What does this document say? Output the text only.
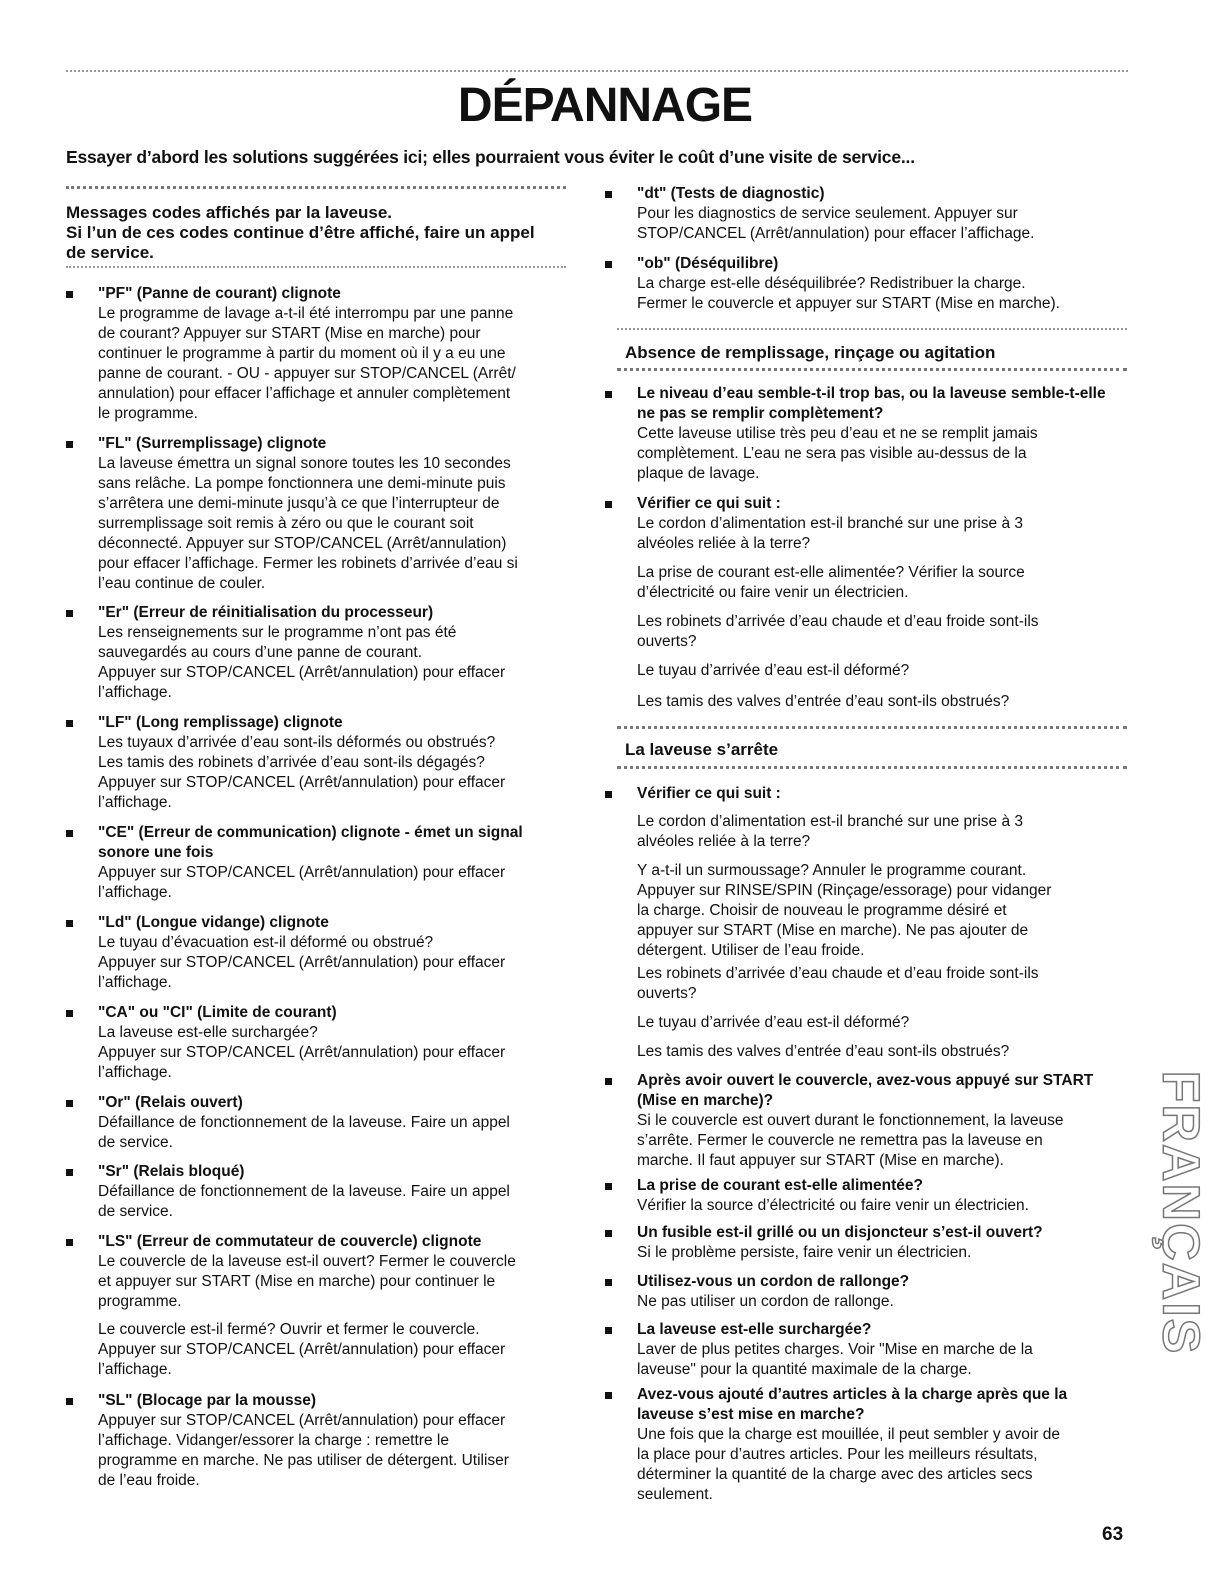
DÉPANNAGE

Essayer d’abord les solutions suggérées ici; elles pourraient vous éviter le coût d’une visite de service...

Messages codes affichés par la laveuse.
Si l’un de ces codes continue d’être affiché, faire un appel de service.
"PF" (Panne de courant) clignote
Le programme de lavage a-t-il été interrompu par une panne
de courant? Appuyer sur START (Mise en marche) pour
continuer le programme à partir du moment où il y a eu une
panne de courant. - OU - appuyer sur STOP/CANCEL (Arrêt/
annulation) pour effacer l’affichage et annuler complètement
le programme.
"FL" (Surremplissage) clignote
La laveuse émettra un signal sonore toutes les 10 secondes
sans relâche. La pompe fonctionnera une demi-minute puis
s’arrêtera une demi-minute jusqu’à ce que l’interrupteur de
surremplissage soit remis à zéro ou que le courant soit
déconnecté. Appuyer sur STOP/CANCEL (Arrêt/annulation)
pour effacer l’affichage. Fermer les robinets d’arrivée d’eau si
l’eau continue de couler.
"Er" (Erreur de réinitialisation du processeur)
Les renseignements sur le programme n’ont pas été
sauvegardés au cours d’une panne de courant.
Appuyer sur STOP/CANCEL (Arrêt/annulation) pour effacer
l’affichage.
"LF" (Long remplissage) clignote
Les tuyaux d’arrivée d’eau sont-ils déformés ou obstrués?
Les tamis des robinets d’arrivée d’eau sont-ils dégagés?
Appuyer sur STOP/CANCEL (Arrêt/annulation) pour effacer
l’affichage.
"CE" (Erreur de communication) clignote - émet un signal sonore une fois
Appuyer sur STOP/CANCEL (Arrêt/annulation) pour effacer
l’affichage.
"Ld" (Longue vidange) clignote
Le tuyau d’évacuation est-il déformé ou obstrué?
Appuyer sur STOP/CANCEL (Arrêt/annulation) pour effacer
l’affichage.
"CA" ou "CI" (Limite de courant)
La laveuse est-elle surchargée?
Appuyer sur STOP/CANCEL (Arrêt/annulation) pour effacer
l’affichage.
"Or" (Relais ouvert)
Défaillance de fonctionnement de la laveuse. Faire un appel
de service.
"Sr" (Relais bloqué)
Défaillance de fonctionnement de la laveuse. Faire un appel
de service.
"LS" (Erreur de commutateur de couvercle) clignote
Le couvercle de la laveuse est-il ouvert? Fermer le couvercle
et appuyer sur START (Mise en marche) pour continuer le
programme.
Le couvercle est-il fermé? Ouvrir et fermer le couvercle.
Appuyer sur STOP/CANCEL (Arrêt/annulation) pour effacer
l’affichage.
"SL" (Blocage par la mousse)
Appuyer sur STOP/CANCEL (Arrêt/annulation) pour effacer
l’affichage. Vidanger/essorer la charge : remettre le
programme en marche. Ne pas utiliser de détergent. Utiliser
de l’eau froide.
"dt" (Tests de diagnostic)
Pour les diagnostics de service seulement. Appuyer sur
STOP/CANCEL (Arrêt/annulation) pour effacer l’affichage.
"ob" (Déséquilibre)
La charge est-elle déséquilibrée? Redistribuer la charge.
Fermer le couvercle et appuyer sur START (Mise en marche).
Absence de remplissage, rinçage ou agitation
Le niveau d’eau semble-t-il trop bas, ou la laveuse semble-t-elle ne pas se remplir complètement?
Cette laveuse utilise très peu d’eau et ne se remplit jamais
complètement. L’eau ne sera pas visible au-dessus de la
plaque de lavage.
Vérifier ce qui suit :
Le cordon d’alimentation est-il branché sur une prise à 3
alvéoles reliée à la terre?
La prise de courant est-elle alimentée? Vérifier la source
d’électricité ou faire venir un électricien.
Les robinets d’arrivée d’eau chaude et d’eau froide sont-ils
ouverts?
Le tuyau d’arrivée d’eau est-il déformé?
Les tamis des valves d’entrée d’eau sont-ils obstrués?
La laveuse s’arrête
Vérifier ce qui suit :
Le cordon d’alimentation est-il branché sur une prise à 3
alvéoles reliée à la terre?
Y a-t-il un surmoussage? Annuler le programme courant.
Appuyer sur RINSE/SPIN (Rinçage/essorage) pour vidanger
la charge. Choisir de nouveau le programme désiré et
appuyer sur START (Mise en marche). Ne pas ajouter de
détergent. Utiliser de l’eau froide.
Les robinets d’arrivée d’eau chaude et d’eau froide sont-ils
ouverts?
Le tuyau d’arrivée d’eau est-il déformé?
Les tamis des valves d’entrée d’eau sont-ils obstrués?
Après avoir ouvert le couvercle, avez-vous appuyé sur START (Mise en marche)?
Si le couvercle est ouvert durant le fonctionnement, la laveuse
s’arrête. Fermer le couvercle ne remettra pas la laveuse en
marche. Il faut appuyer sur START (Mise en marche).
La prise de courant est-elle alimentée?
Vérifier la source d’électricité ou faire venir un électricien.
Un fusible est-il grillé ou un disjoncteur s’est-il ouvert?
Si le problème persiste, faire venir un électricien.
Utilisez-vous un cordon de rallonge?
Ne pas utiliser un cordon de rallonge.
La laveuse est-elle surchargée?
Laver de plus petites charges. Voir "Mise en marche de la
laveuse" pour la quantité maximale de la charge.
Avez-vous ajouté d’autres articles à la charge après que la laveuse s’est mise en marche?
Une fois que la charge est mouillée, il peut sembler y avoir de
la place pour d’autres articles. Pour les meilleurs résultats,
déterminer la quantité de la charge avec des articles secs
seulement.
FRANÇAIS
63
